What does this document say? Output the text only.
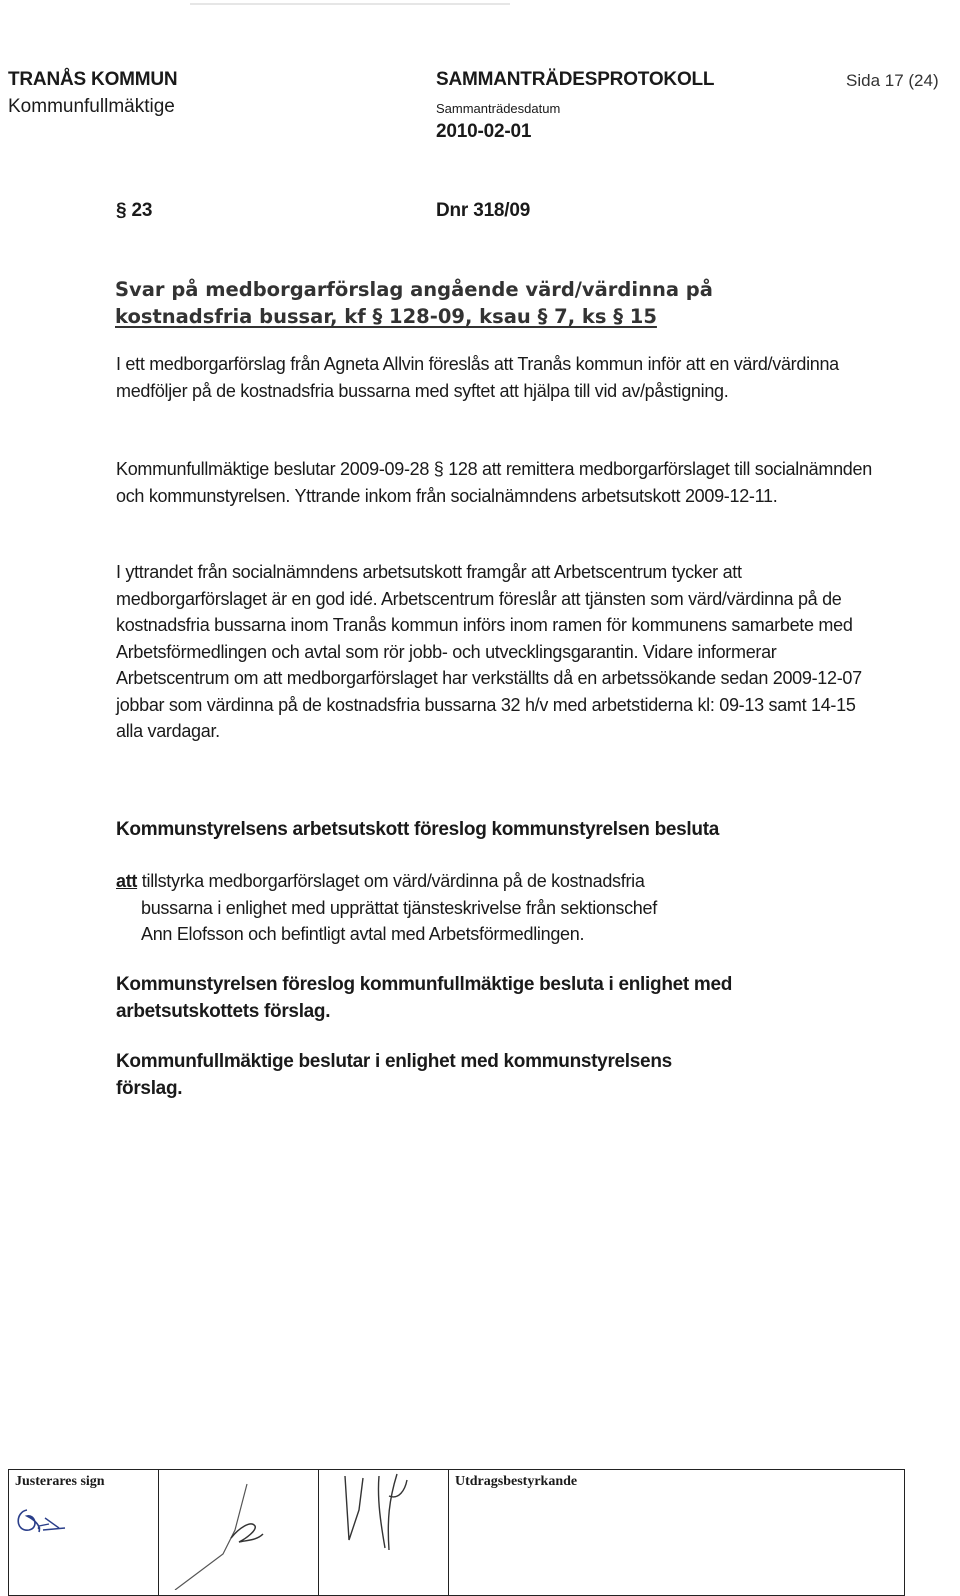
TRANÅS KOMMUN
Kommunfullmäktige
SAMMANTRÄDESPROTOKOLL
Sammanträdesdatum
2010-02-01
Sida 17 (24)
§ 23	Dnr 318/09
Svar på medborgarförslag angående värd/värdinna på
kostnadsfria bussar, kf § 128-09, ksau § 7, ks § 15

I ett medborgarförslag från Agneta Allvin föreslås att Tranås kommun inför att en värd/värdinna medföljer på de kostnadsfria bussarna med syftet att hjälpa till vid av/påstigning.

Kommunfullmäktige beslutar 2009-09-28 § 128 att remittera medborgarförslaget till socialnämnden och kommunstyrelsen. Yttrande inkom från socialnämndens arbetsutskott 2009-12-11.

I yttrandet från socialnämndens arbetsutskott framgår att Arbetscentrum tycker att medborgarförslaget är en god idé. Arbetscentrum föreslår att tjänsten som värd/värdinna på de kostnadsfria bussarna inom Tranås kommun införs inom ramen för kommunens samarbete med Arbetsförmedlingen och avtal som rör jobb- och utvecklingsgarantin. Vidare informerar Arbetscentrum om att medborgarförslaget har verkställts då en arbetssökande sedan 2009-12-07 jobbar som värdinna på de kostnadsfria bussarna 32 h/v med arbetstiderna kl: 09-13 samt 14-15 alla vardagar.

Kommunstyrelsens arbetsutskott föreslog kommunstyrelsen besluta

att tillstyrka medborgarförslaget om värd/värdinna på de kostnadsfria
bussarna i enlighet med upprättat tjänsteskrivelse från sektionschef
Ann Elofsson och befintligt avtal med Arbetsförmedlingen.

Kommunstyrelsen föreslog kommunfullmäktige besluta i enlighet med arbetsutskottets förslag.

Kommunfullmäktige beslutar i enlighet med kommunstyrelsens förslag.

Justerares sign			Utdragsbestyrkande
